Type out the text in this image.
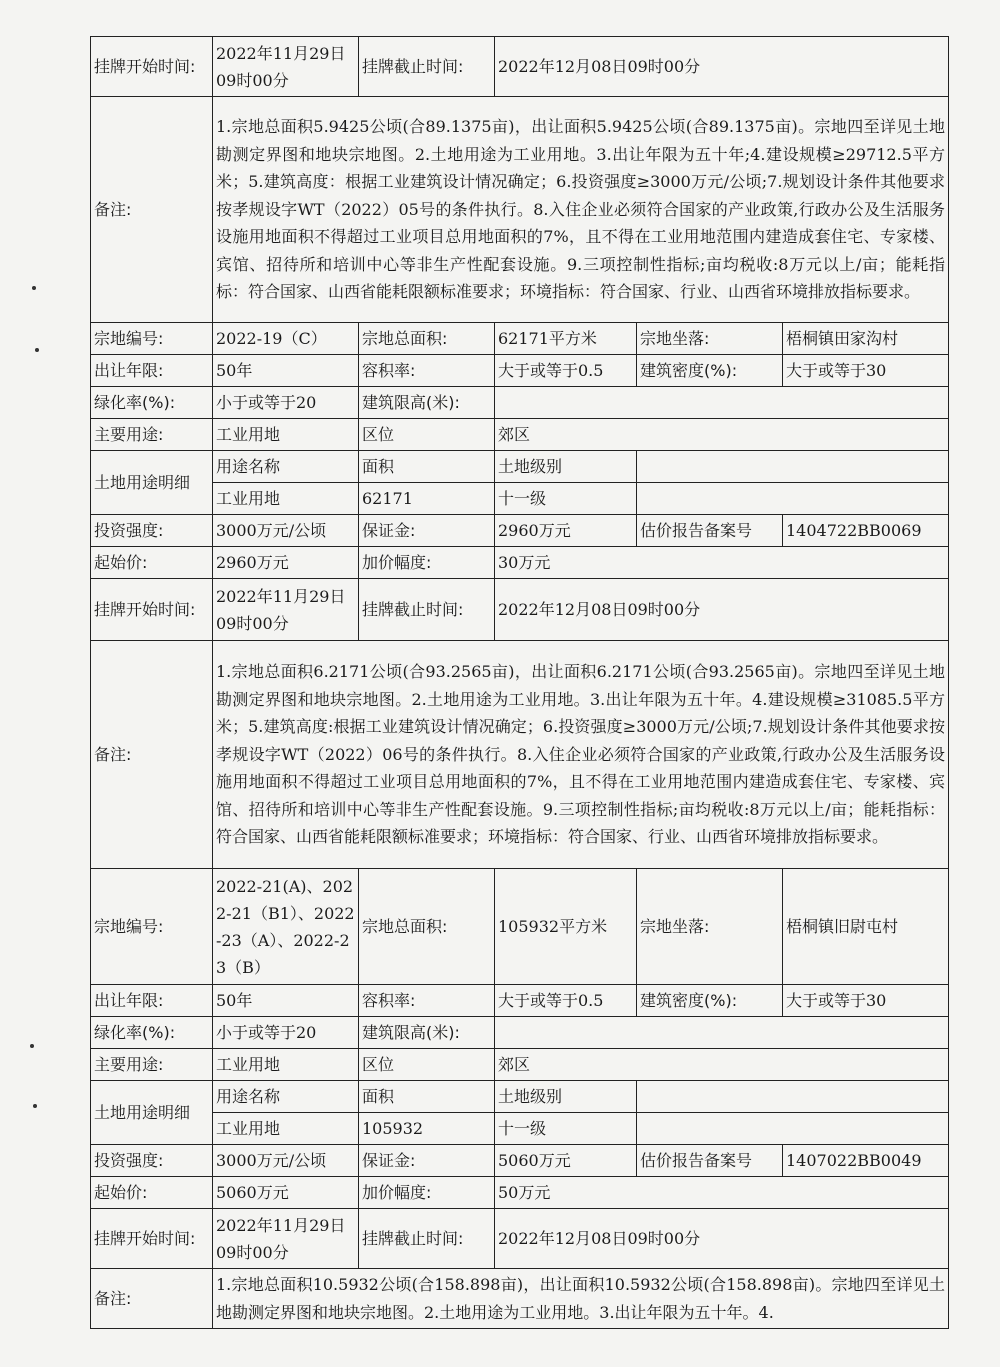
挂牌开始时间:	2022年11月29日09时00分	挂牌截止时间:	2022年12月08日09时00分		
备注:	1.宗地总面积5.9425公顷(合89.1375亩)，出让面积5.9425公顷(合89.1375亩)。宗地四至详见土地勘测定界图和地块宗地图。2.土地用途为工业用地。3.出让年限为五十年;4.建设规模≥29712.5平方米；5.建筑高度：根据工业建筑设计情况确定；6.投资强度≥3000万元/公顷;7.规划设计条件其他要求按孝规设字WT（2022）05号的条件执行。8.入住企业必须符合国家的产业政策,行政办公及生活服务设施用地面积不得超过工业项目总用地面积的7%，且不得在工业用地范围内建造成套住宅、专家楼、宾馆、招待所和培训中心等非生产性配套设施。9.三项控制性指标;亩均税收:8万元以上/亩；能耗指标：符合国家、山西省能耗限额标准要求；环境指标：符合国家、行业、山西省环境排放指标要求。				
宗地编号:	2022-19（C）	宗地总面积:	62171平方米	宗地坐落:	梧桐镇田家沟村
出让年限:	50年	容积率:	大于或等于0.5	建筑密度(%):	大于或等于30
绿化率(%):	小于或等于20	建筑限高(米):			
主要用途:	工业用地	区位	郊区		
土地用途明细	用途名称	面积	土地级别		
	工业用地	62171	十一级		
投资强度:	3000万元/公顷	保证金:	2960万元	估价报告备案号	1404722BB0069
起始价:	2960万元	加价幅度:	30万元		
挂牌开始时间:	2022年11月29日09时00分	挂牌截止时间:	2022年12月08日09时00分		
备注:	1.宗地总面积6.2171公顷(合93.2565亩)，出让面积6.2171公顷(合93.2565亩)。宗地四至详见土地勘测定界图和地块宗地图。2.土地用途为工业用地。3.出让年限为五十年。4.建设规模≥31085.5平方米；5.建筑高度:根据工业建筑设计情况确定；6.投资强度≥3000万元/公顷;7.规划设计条件其他要求按孝规设字WT（2022）06号的条件执行。8.入住企业必须符合国家的产业政策,行政办公及生活服务设施用地面积不得超过工业项目总用地面积的7%，且不得在工业用地范围内建造成套住宅、专家楼、宾馆、招待所和培训中心等非生产性配套设施。9.三项控制性指标;亩均税收:8万元以上/亩；能耗指标：符合国家、山西省能耗限额标准要求；环境指标：符合国家、行业、山西省环境排放指标要求。				
宗地编号:	2022-21(A)、2022-21（B1）、2022-23（A）、2022-23（B）	宗地总面积:	105932平方米	宗地坐落:	梧桐镇旧尉屯村
出让年限:	50年	容积率:	大于或等于0.5	建筑密度(%):	大于或等于30
绿化率(%):	小于或等于20	建筑限高(米):			
主要用途:	工业用地	区位	郊区		
土地用途明细	用途名称	面积	土地级别		
	工业用地	105932	十一级		
投资强度:	3000万元/公顷	保证金:	5060万元	估价报告备案号	1407022BB0049
起始价:	5060万元	加价幅度:	50万元		
挂牌开始时间:	2022年11月29日09时00分	挂牌截止时间:	2022年12月08日09时00分		
备注:	1.宗地总面积10.5932公顷(合158.898亩)，出让面积10.5932公顷(合158.898亩)。宗地四至详见土地勘测定界图和地块宗地图。2.土地用途为工业用地。3.出让年限为五十年。4.				
